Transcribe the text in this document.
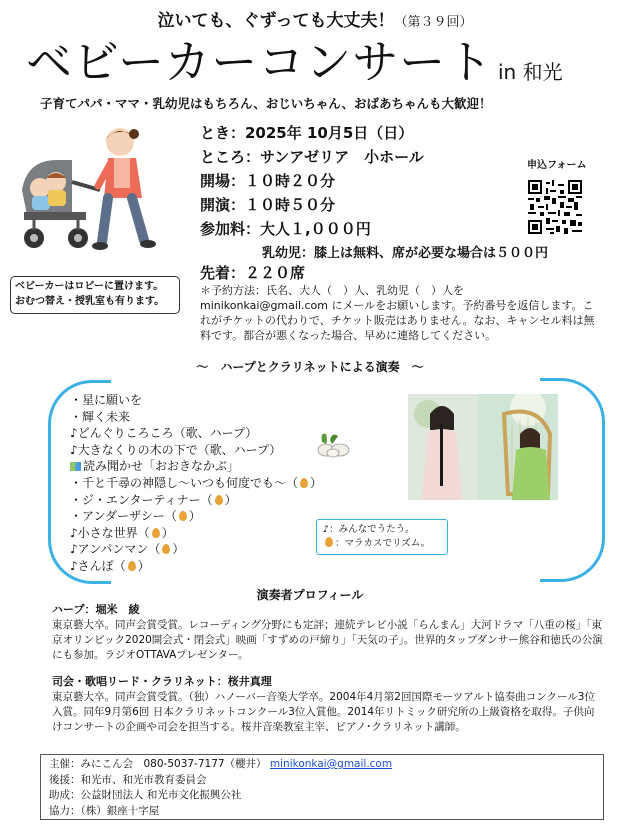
泣いても、ぐずっても大丈夫！（第３９回）
ベビーカーコンサート in 和光
子育てパパ・ママ・乳幼児はもちろん、おじいちゃん、おばあちゃんも大歓迎！
ベビーカーはロビーに置けます。
おむつ替え・授乳室も有ります。
とき：2025年 10月5日（日）
ところ：サンアゼリア　小ホール
開場：１０時２０分
開演：１０時５０分
参加料：大人１,０００円
乳幼児：膝上は無料、席が必要な場合は５００円
先着：２２０席
申込フォーム
＊予約方法：氏名、大人（　）人、乳幼児（　）人を
minikonkai@gmail.com にメールをお願いします。予約番号を返信します。これがチケットの代わりで、チケット販売はありません。なお、キャンセル料は無料です。都合が悪くなった場合、早めに連絡してください。
～　ハープとクラリネットによる演奏　～
・星に願いを
・輝く未来
♪どんぐりころころ（歌、ハープ）
♪大きなくりの木の下で（歌、ハープ）
読み聞かせ「おおきなかぶ」
・千と千尋の神隠し～いつも何度でも～（ ）
・ジ・エンターティナー（ ）
・アンダーザシー（ ）
♪小さな世界（ ）
♪アンパンマン（ ）
♪さんぽ（ ）
♪：みんなでうたう。
：マラカスでリズム。
演奏者プロフィール
ハープ：堀米　綾
東京藝大卒。同声会賞受賞。レコーディング分野にも定評；連続テレビ小説「らんまん」大河ドラマ「八重の桜」「東京オリンピック2020開会式・閉会式」映画「すずめの戸締り」「天気の子」。世界的タップダンサー熊谷和徳氏の公演にも参加。ラジオOTTAVAプレゼンター。
司会・歌唱リード・クラリネット：桜井真理
東京藝大卒。同声会賞受賞。（独）ハノーバー音楽大学卒。2004年4月第2回国際モーツアルト協奏曲コンクール3位入賞。同年9月第6回 日本クラリネットコンクール3位入賞他。2014年リトミック研究所の上級資格を取得。子供向けコンサートの企画や司会を担当する。桜井音楽教室主宰、ピアノ･クラリネット講師。
主催：みにこん会　080-5037-7177（櫻井） minikonkai@gmail.com
後援：和光市、和光市教育委員会
助成：公益財団法人 和光市文化振興公社
協力：（株）銀座十字屋
